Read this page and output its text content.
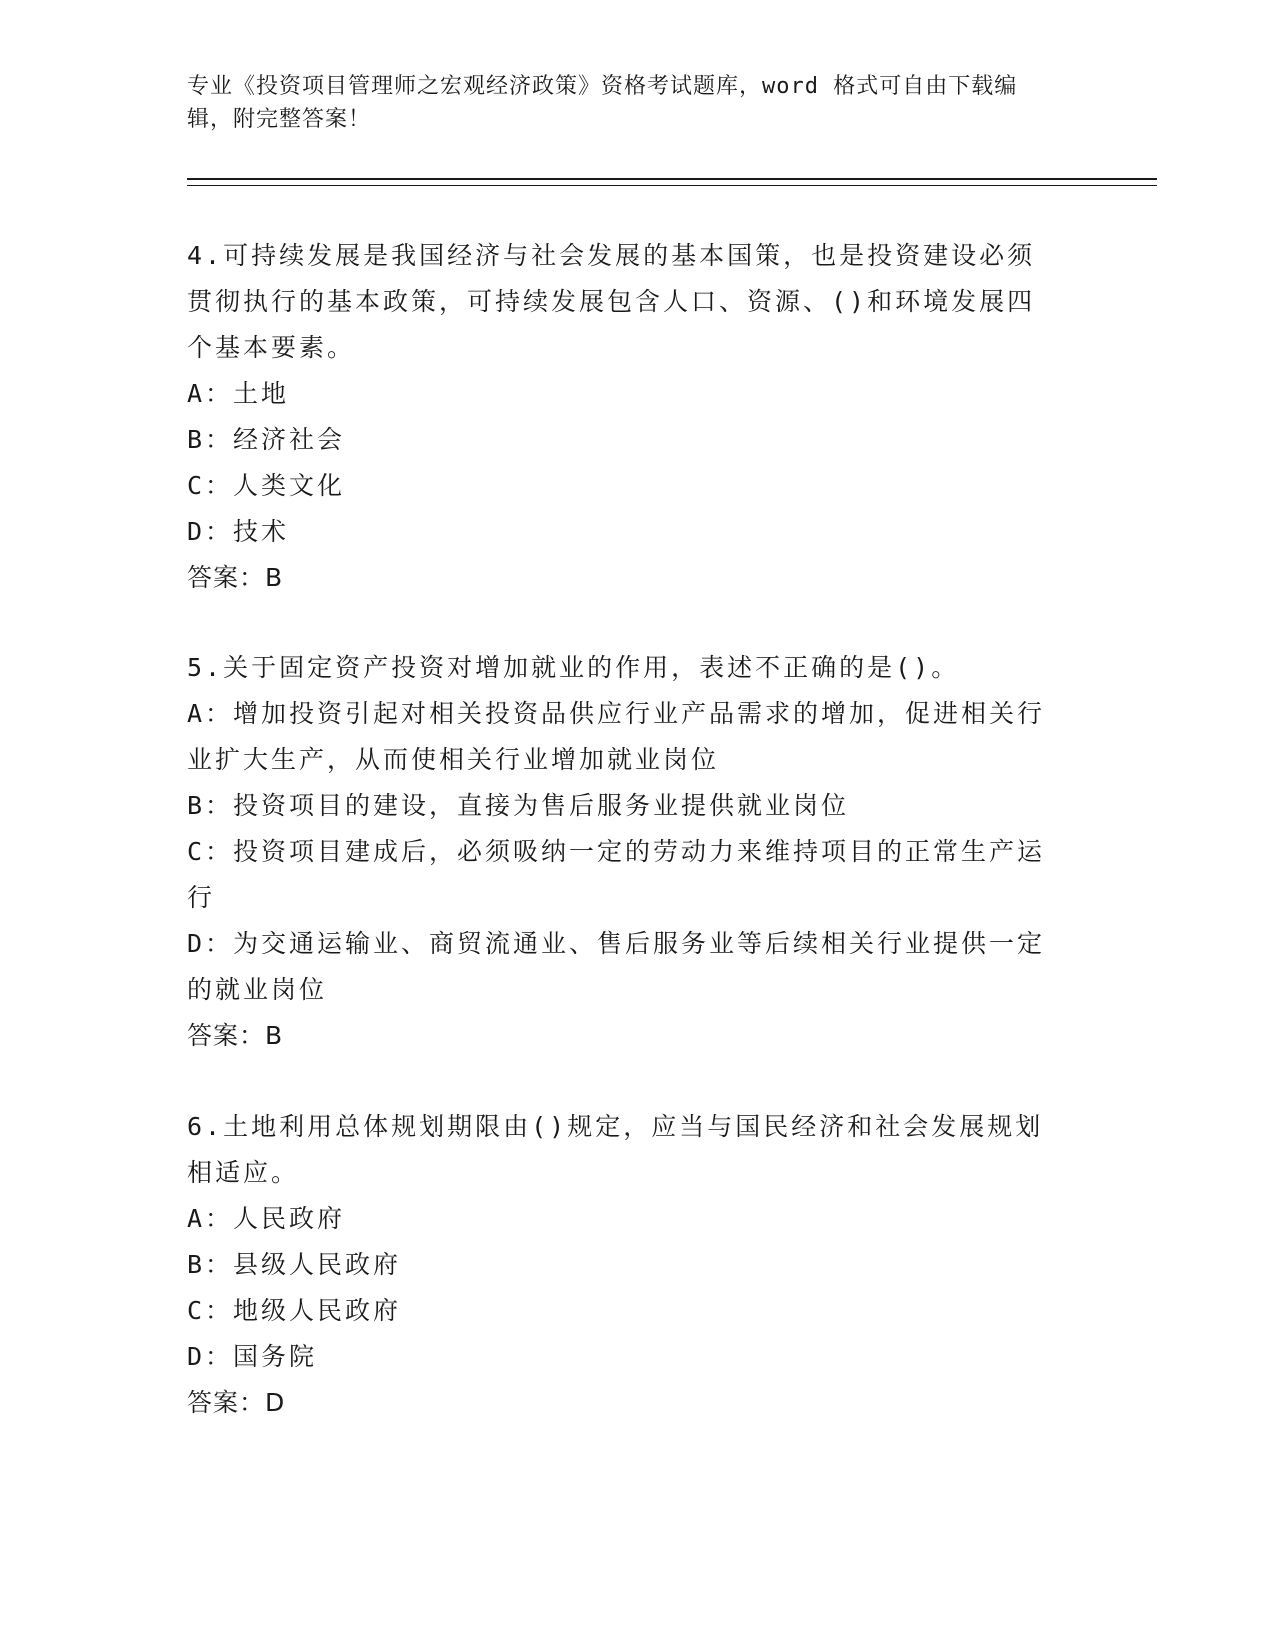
专业《投资项目管理师之宏观经济政策》资格考试题库，word 格式可自由下载编
辑，附完整答案！
4.可持续发展是我国经济与社会发展的基本国策，也是投资建设必须
贯彻执行的基本政策，可持续发展包含人口、资源、()和环境发展四
个基本要素。
A：土地
B：经济社会
C：人类文化
D：技术
答案：B
5.关于固定资产投资对增加就业的作用，表述不正确的是()。
A：增加投资引起对相关投资品供应行业产品需求的增加，促进相关行
业扩大生产，从而使相关行业增加就业岗位
B：投资项目的建设，直接为售后服务业提供就业岗位
C：投资项目建成后，必须吸纳一定的劳动力来维持项目的正常生产运
行
D：为交通运输业、商贸流通业、售后服务业等后续相关行业提供一定
的就业岗位
答案：B
6.土地利用总体规划期限由()规定，应当与国民经济和社会发展规划
相适应。
A：人民政府
B：县级人民政府
C：地级人民政府
D：国务院
答案：D
